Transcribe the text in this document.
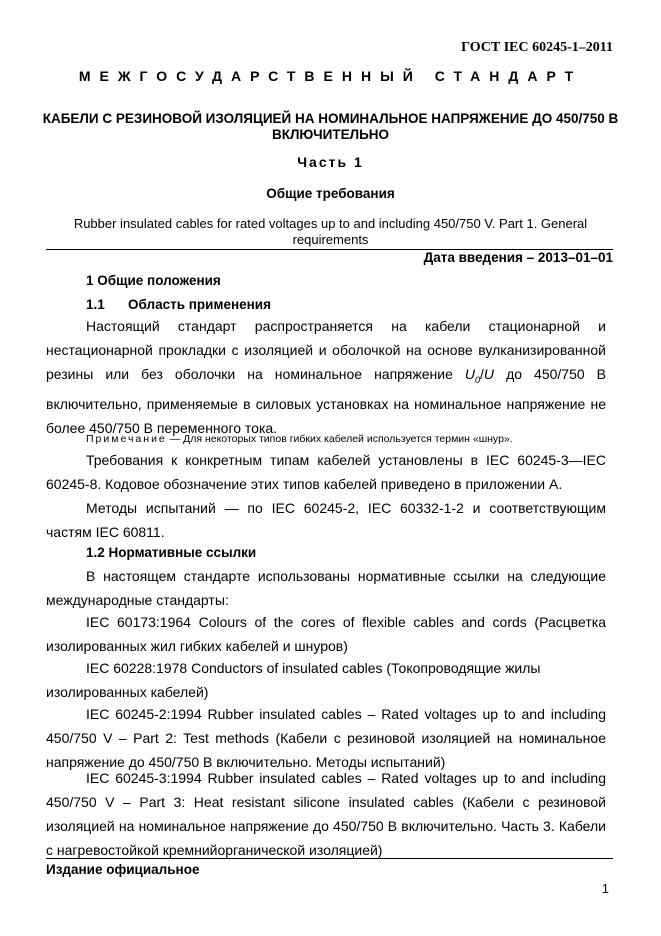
ГОСТ IEC 60245-1–2011
МЕЖГОСУДАРСТВЕННЫЙ СТАНДАРТ
КАБЕЛИ С РЕЗИНОВОЙ ИЗОЛЯЦИЕЙ НА НОМИНАЛЬНОЕ НАПРЯЖЕНИЕ ДО 450/750 В ВКЛЮЧИТЕЛЬНО
Часть 1
Общие требования
Rubber insulated cables for rated voltages up to and including 450/750 V. Part 1. General requirements
Дата введения – 2013–01–01
1 Общие положения
1.1 Область применения

Настоящий стандарт распространяется на кабели стационарной и нестационарной прокладки с изоляцией и оболочкой на основе вулканизированной резины или без оболочки на номинальное напряжение $U_0/U$ до 450/750 В включительно, применяемые в силовых установках на номинальное напряжение не более 450/750 В переменного тока.

Примечание — Для некоторых типов гибких кабелей используется термин «шнур».

Требования к конкретным типам кабелей установлены в IEC 60245-3—IEC 60245-8. Кодовое обозначение этих типов кабелей приведено в приложении А.

Методы испытаний — по IEC 60245-2, IEC 60332-1-2 и соответствующим частям IEC 60811.

1.2 Нормативные ссылки

В настоящем стандарте использованы нормативные ссылки на следующие международные стандарты:

IEC 60173:1964 Colours of the cores of flexible cables and cords (Расцветка изолированных жил гибких кабелей и шнуров)

IEC 60228:1978 Conductors of insulated cables (Токопроводящие жилы изолированных кабелей)

IEC 60245-2:1994 Rubber insulated cables – Rated voltages up to and including 450/750 V – Part 2: Test methods (Кабели с резиновой изоляцией на номинальное напряжение до 450/750 В включительно. Методы испытаний)

IEC 60245-3:1994 Rubber insulated cables – Rated voltages up to and including 450/750 V – Part 3: Heat resistant silicone insulated cables (Кабели с резиновой изоляцией на номинальное напряжение до 450/750 В включительно. Часть 3. Кабели с нагревостойкой кремнийорганической изоляцией)

Издание официальное
1
